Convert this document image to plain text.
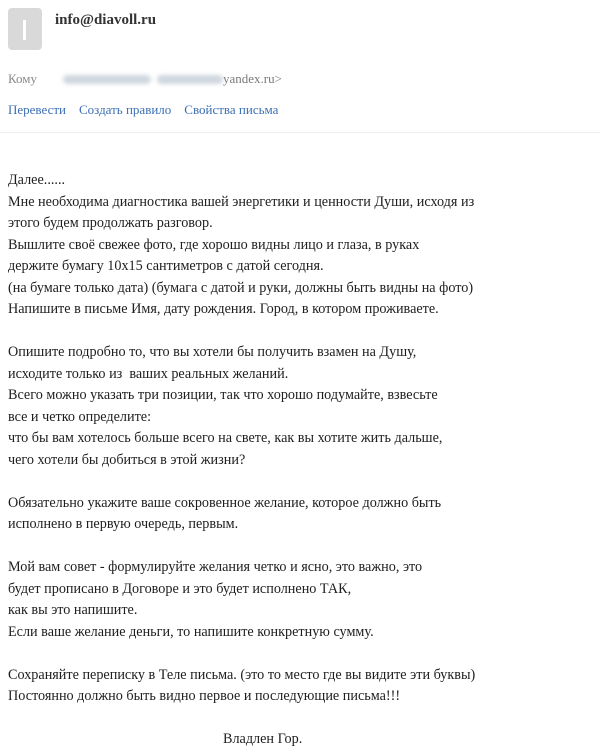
info@diavoll.ru
Кому	yandex.ru>
Перевести Создать правило Свойства письма
Далее......
Мне необходима диагностика вашей энергетики и ценности Души, исходя из
этого будем продолжать разговор.
Вышлите своё свежее фото, где хорошо видны лицо и глаза, в руках
держите бумагу 10х15 сантиметров с датой сегодня.
(на бумаге только дата) (бумага с датой и руки, должны быть видны на фото)
Напишите в письме Имя, дату рождения. Город, в котором проживаете.
Опишите подробно то, что вы хотели бы получить взамен на Душу,
исходите только из  ваших реальных желаний.
Всего можно указать три позиции, так что хорошо подумайте, взвесьте
все и четко определите:
что бы вам хотелось больше всего на свете, как вы хотите жить дальше,
чего хотели бы добиться в этой жизни?
Обязательно укажите ваше сокровенное желание, которое должно быть
исполнено в первую очередь, первым.
Мой вам совет - формулируйте желания четко и ясно, это важно, это
будет прописано в Договоре и это будет исполнено ТАК,
как вы это напишите.
Если ваше желание деньги, то напишите конкретную сумму.
Сохраняйте переписку в Теле письма. (это то место где вы видите эти буквы)
Постоянно должно быть видно первое и последующие письма!!!
Владлен Гор.
